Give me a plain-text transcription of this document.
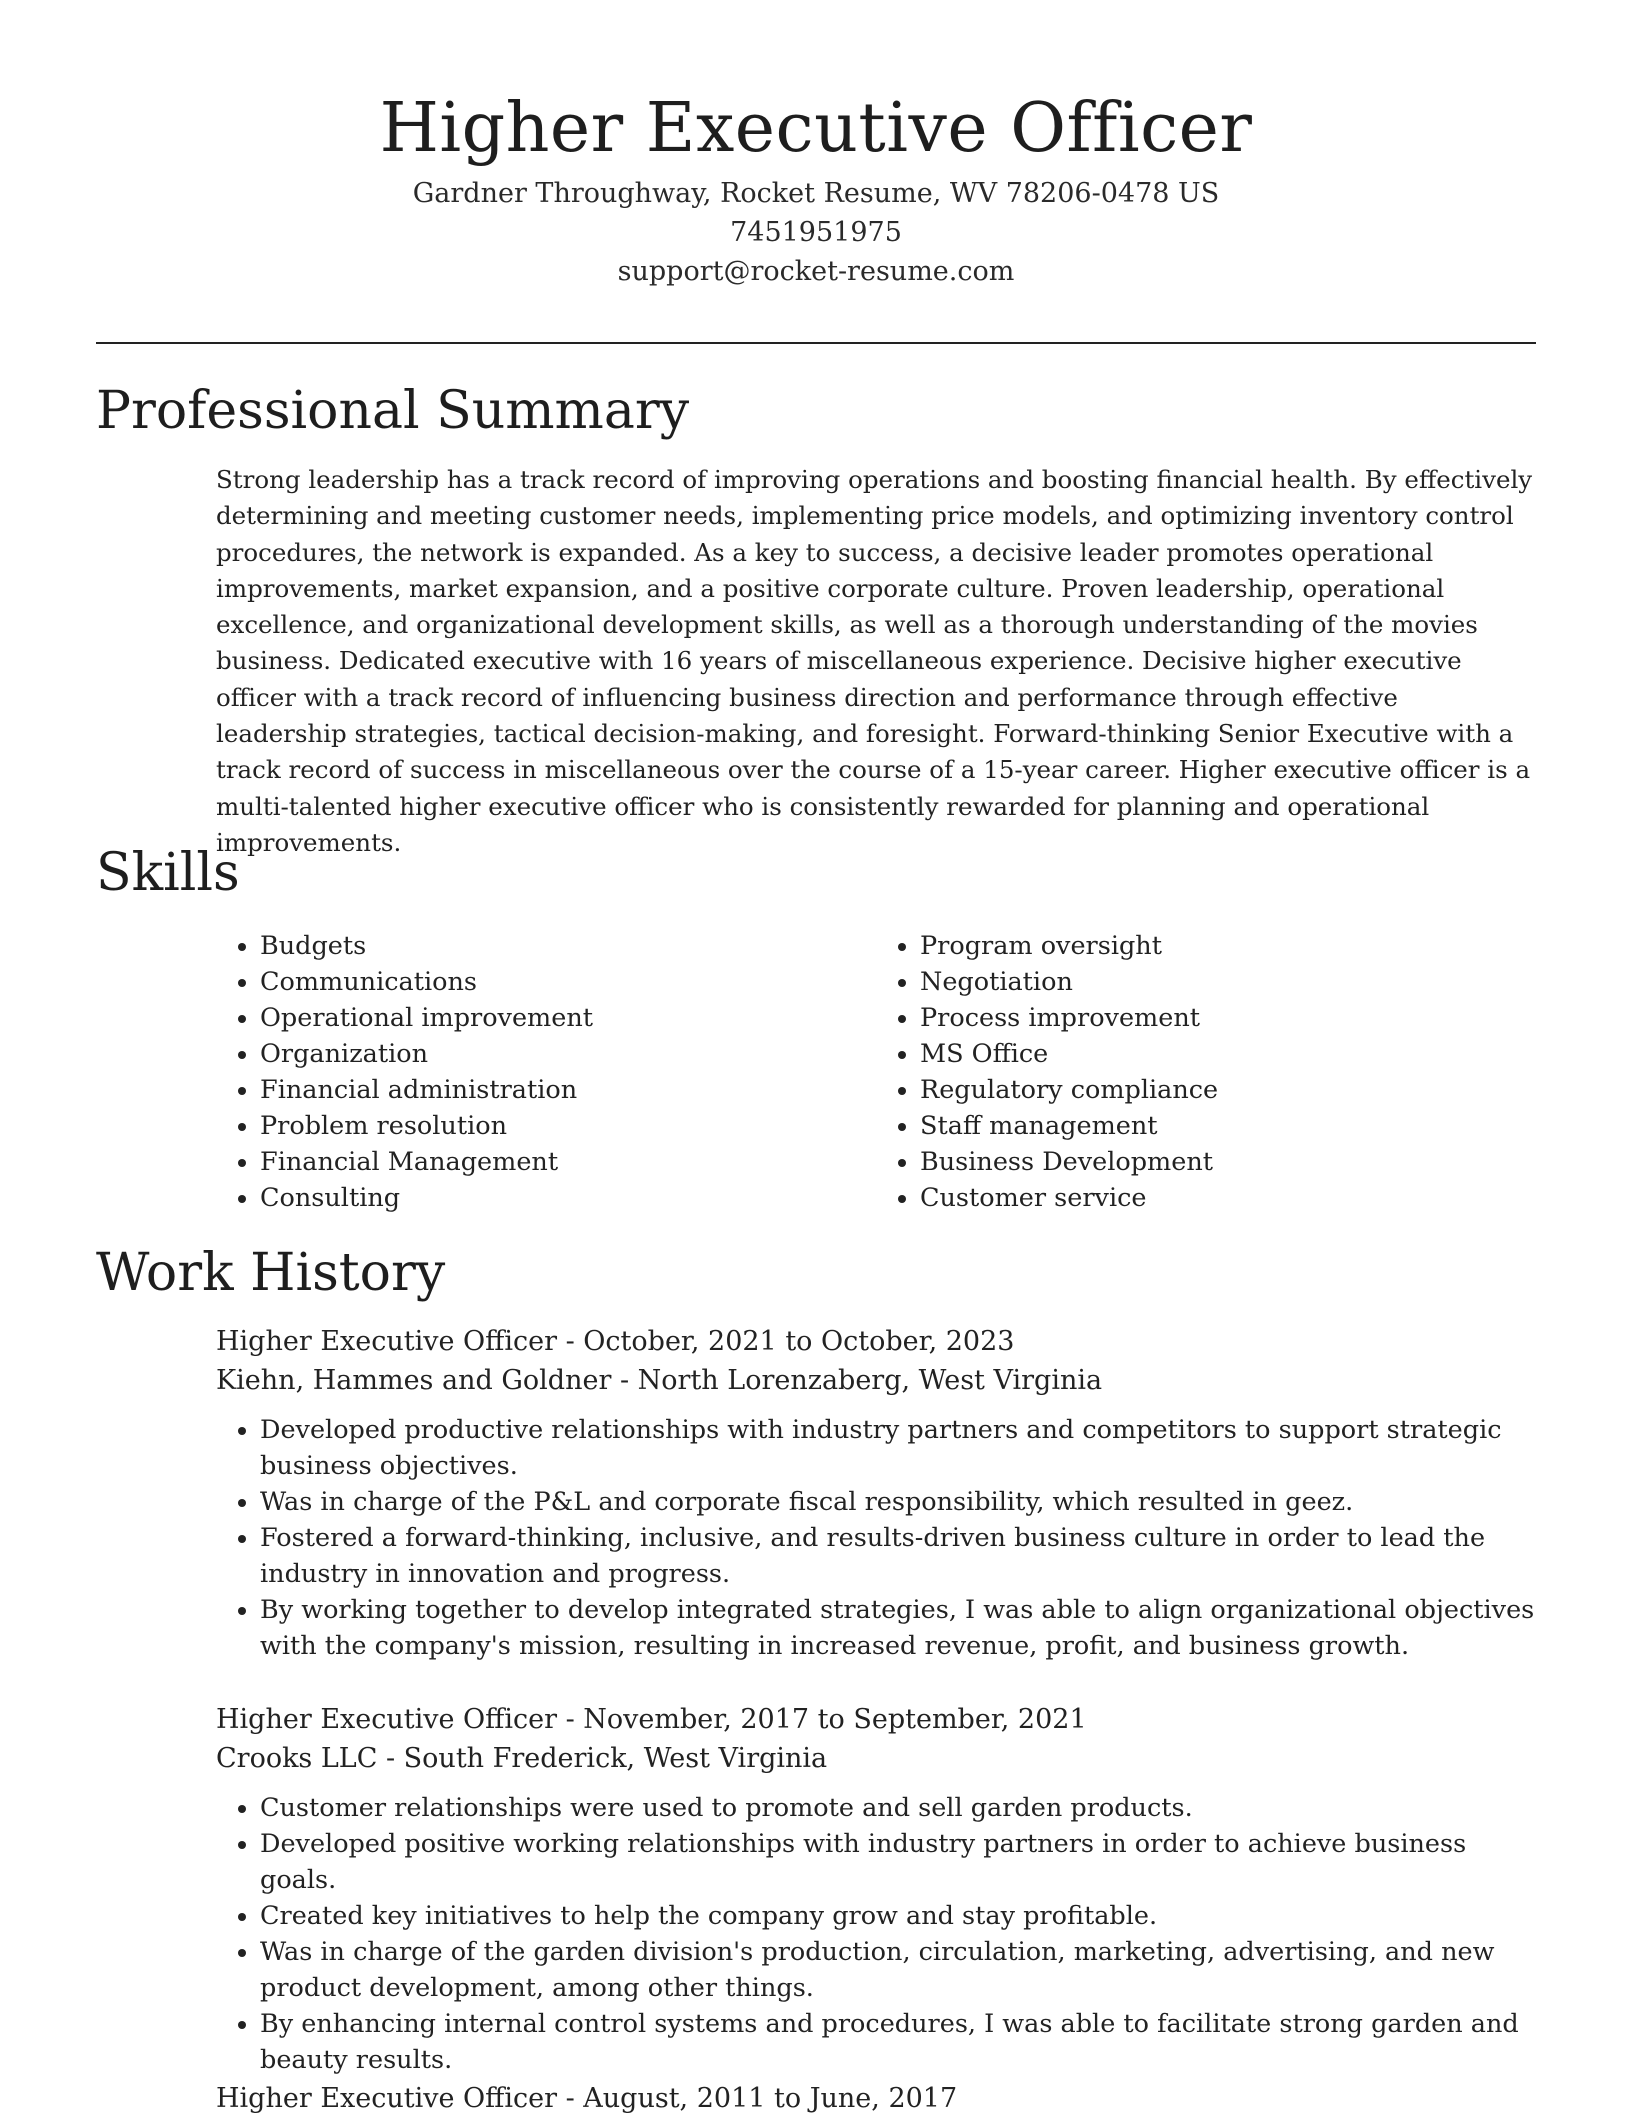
Higher Executive Officer
Gardner Throughway, Rocket Resume, WV 78206-0478 US
7451951975
support@rocket-resume.com
Professional Summary

Strong leadership has a track record of improving operations and boosting financial health. By effectively determining and meeting customer needs, implementing price models, and optimizing inventory control procedures, the network is expanded. As a key to success, a decisive leader promotes operational improvements, market expansion, and a positive corporate culture. Proven leadership, operational excellence, and organizational development skills, as well as a thorough understanding of the movies business. Dedicated executive with 16 years of miscellaneous experience. Decisive higher executive officer with a track record of influencing business direction and performance through effective leadership strategies, tactical decision-making, and foresight. Forward-thinking Senior Executive with a track record of success in miscellaneous over the course of a 15-year career. Higher executive officer is a multi-talented higher executive officer who is consistently rewarded for planning and operational improvements.

Skills
• Budgets
• Communications
• Operational improvement
• Organization
• Financial administration
• Problem resolution
• Financial Management
• Consulting
• Program oversight
• Negotiation
• Process improvement
• MS Office
• Regulatory compliance
• Staff management
• Business Development
• Customer service
Work History
Higher Executive Officer - October, 2021 to October, 2023
Kiehn, Hammes and Goldner - North Lorenzaberg, West Virginia
• Developed productive relationships with industry partners and competitors to support strategic business objectives.
• Was in charge of the P&L and corporate fiscal responsibility, which resulted in geez.
• Fostered a forward-thinking, inclusive, and results-driven business culture in order to lead the industry in innovation and progress.
• By working together to develop integrated strategies, I was able to align organizational objectives with the company's mission, resulting in increased revenue, profit, and business growth.
Higher Executive Officer - November, 2017 to September, 2021
Crooks LLC - South Frederick, West Virginia
• Customer relationships were used to promote and sell garden products.
• Developed positive working relationships with industry partners in order to achieve business goals.
• Created key initiatives to help the company grow and stay profitable.
• Was in charge of the garden division's production, circulation, marketing, advertising, and new product development, among other things.
• By enhancing internal control systems and procedures, I was able to facilitate strong garden and beauty results.
Higher Executive Officer - August, 2011 to June, 2017
